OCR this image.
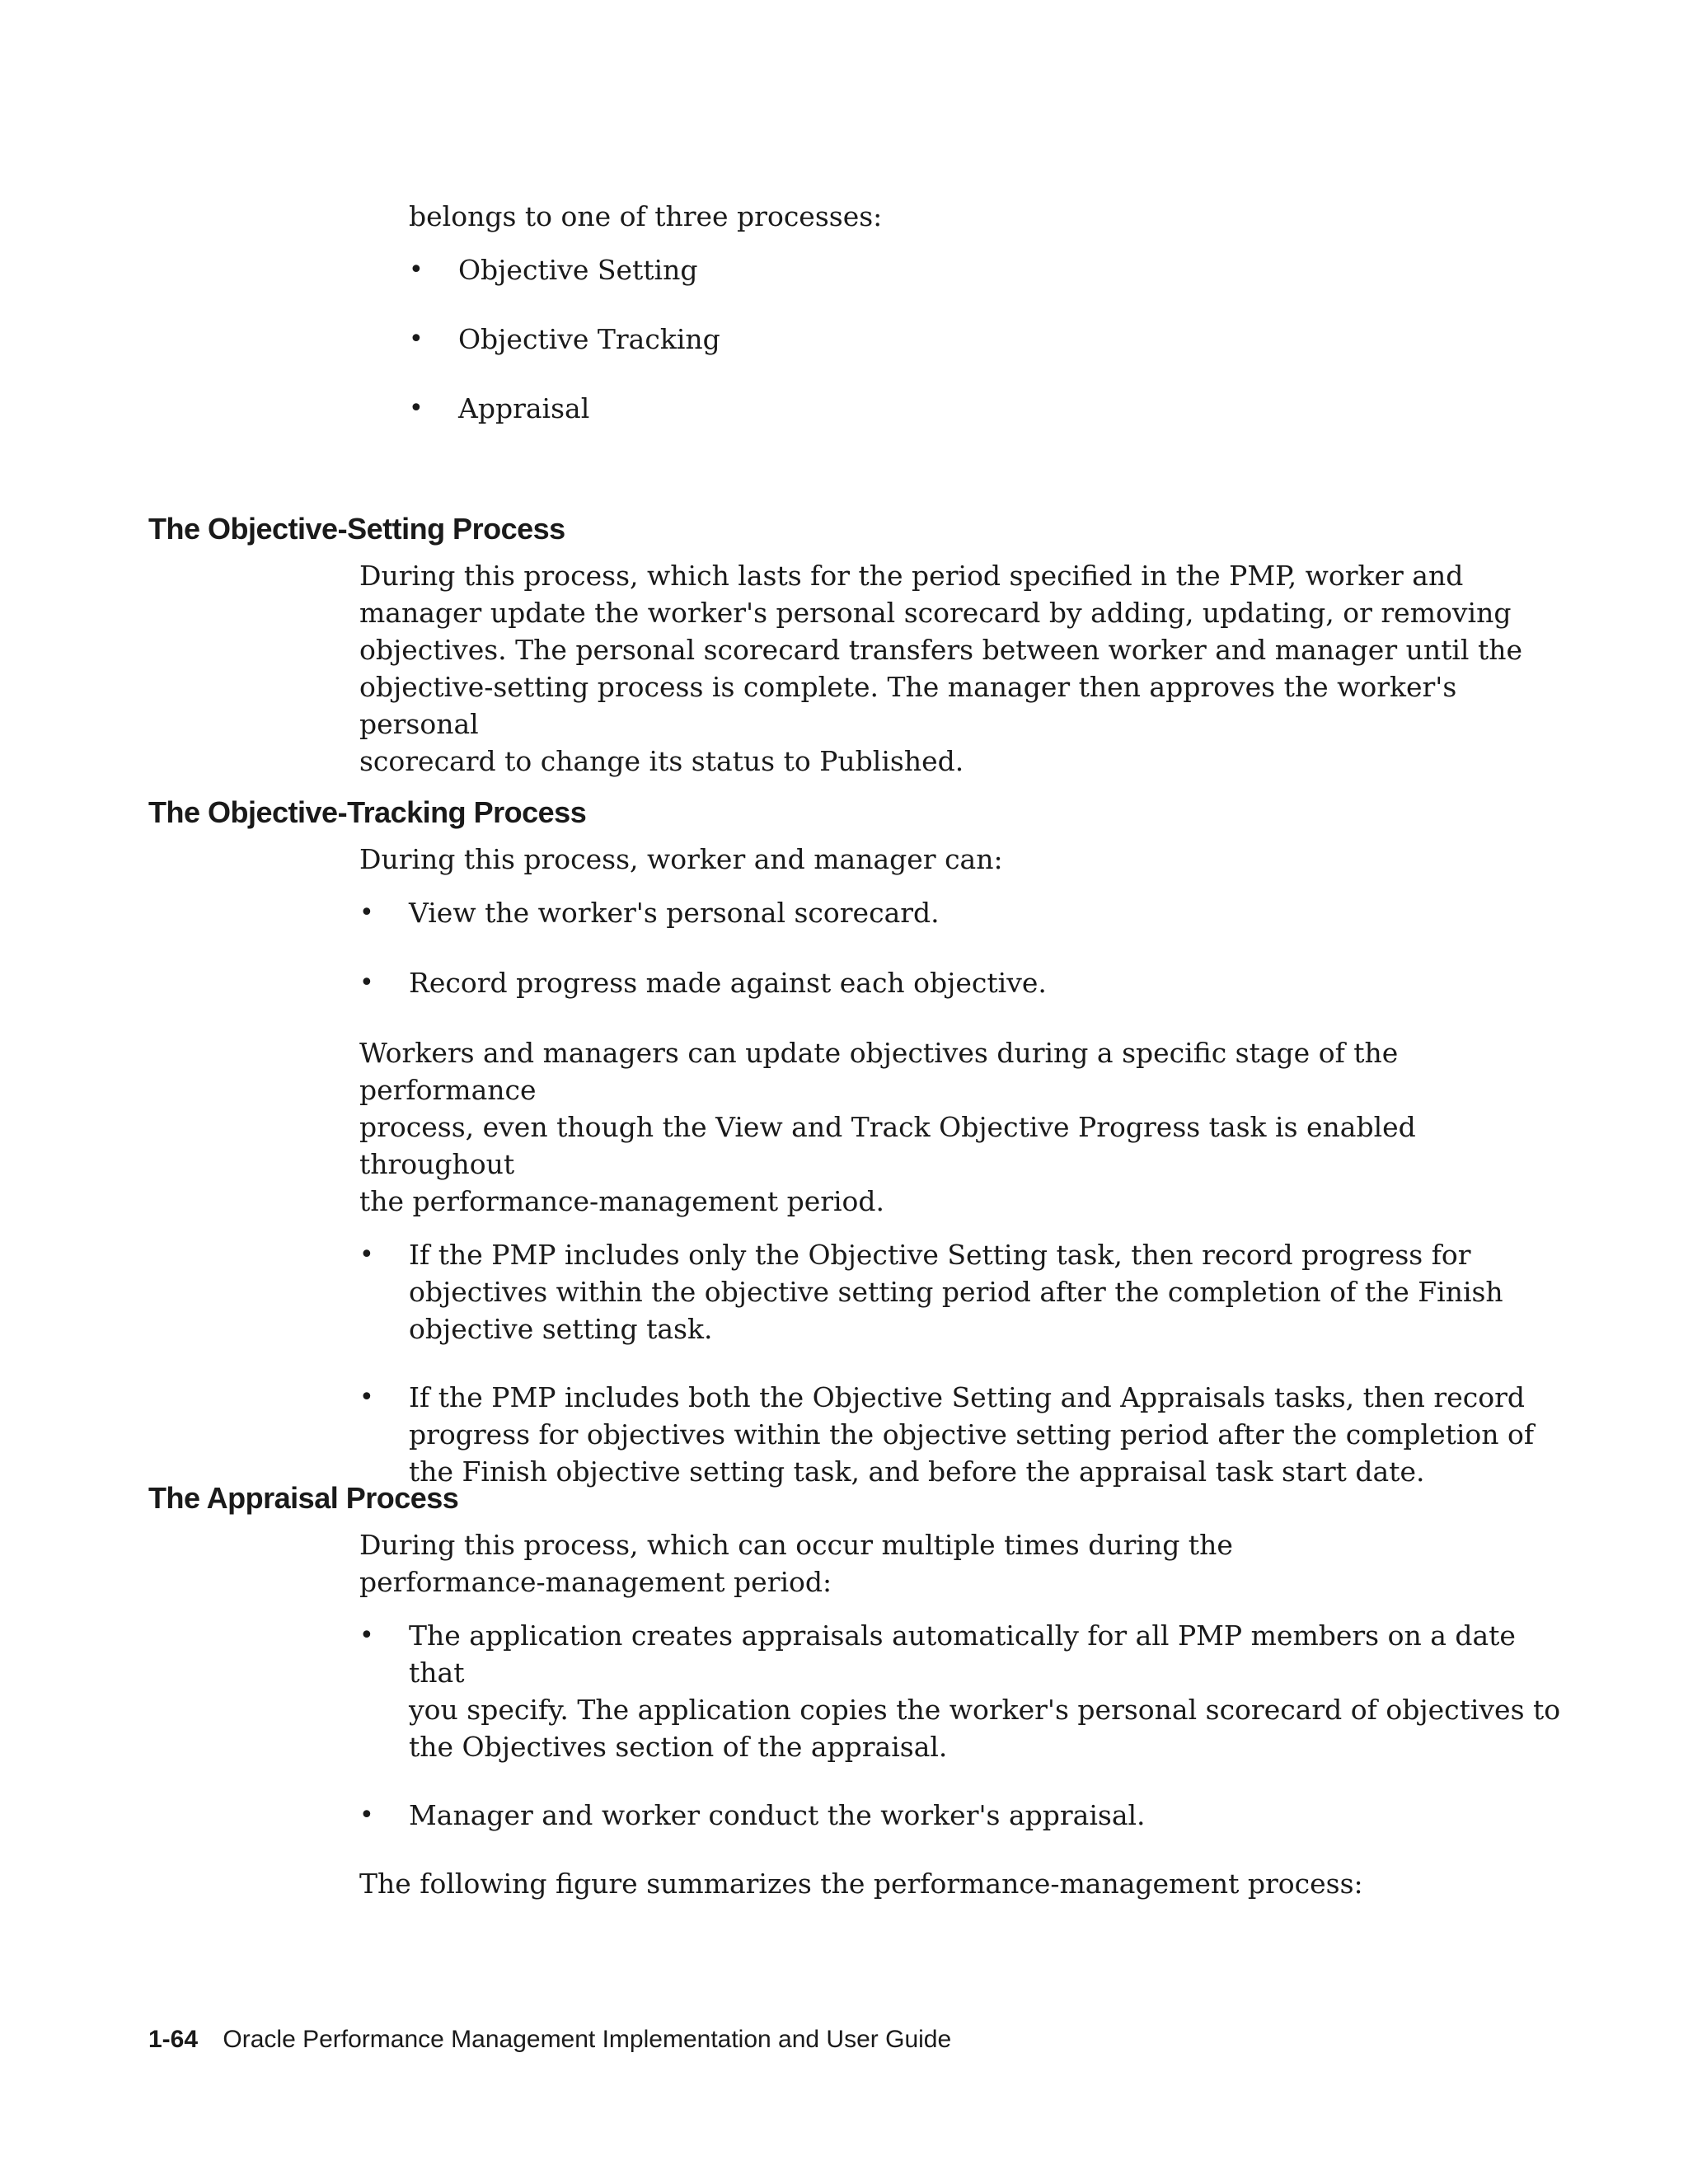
belongs to one of three processes:

•	Objective Setting
•	Objective Tracking
•	Appraisal
The Objective-Setting Process

During this process, which lasts for the period specified in the PMP, worker and
manager update the worker's personal scorecard by adding, updating, or removing
objectives. The personal scorecard transfers between worker and manager until the
objective-setting process is complete. The manager then approves the worker's personal
scorecard to change its status to Published.

The Objective-Tracking Process

During this process, worker and manager can:

•	View the worker's personal scorecard.
•	Record progress made against each objective.

Workers and managers can update objectives during a specific stage of the performance
process, even though the View and Track Objective Progress task is enabled throughout
the performance-management period.

•	If the PMP includes only the Objective Setting task, then record progress for
objectives within the objective setting period after the completion of the Finish
objective setting task.
•	If the PMP includes both the Objective Setting and Appraisals tasks, then record
progress for objectives within the objective setting period after the completion of
the Finish objective setting task, and before the appraisal task start date.
The Appraisal Process

During this process, which can occur multiple times during the
performance-management period:

•	The application creates appraisals automatically for all PMP members on a date that
you specify. The application copies the worker's personal scorecard of objectives to
the Objectives section of the appraisal.
•	Manager and worker conduct the worker's appraisal.

The following figure summarizes the performance-management process:

1-64 Oracle Performance Management Implementation and User Guide
